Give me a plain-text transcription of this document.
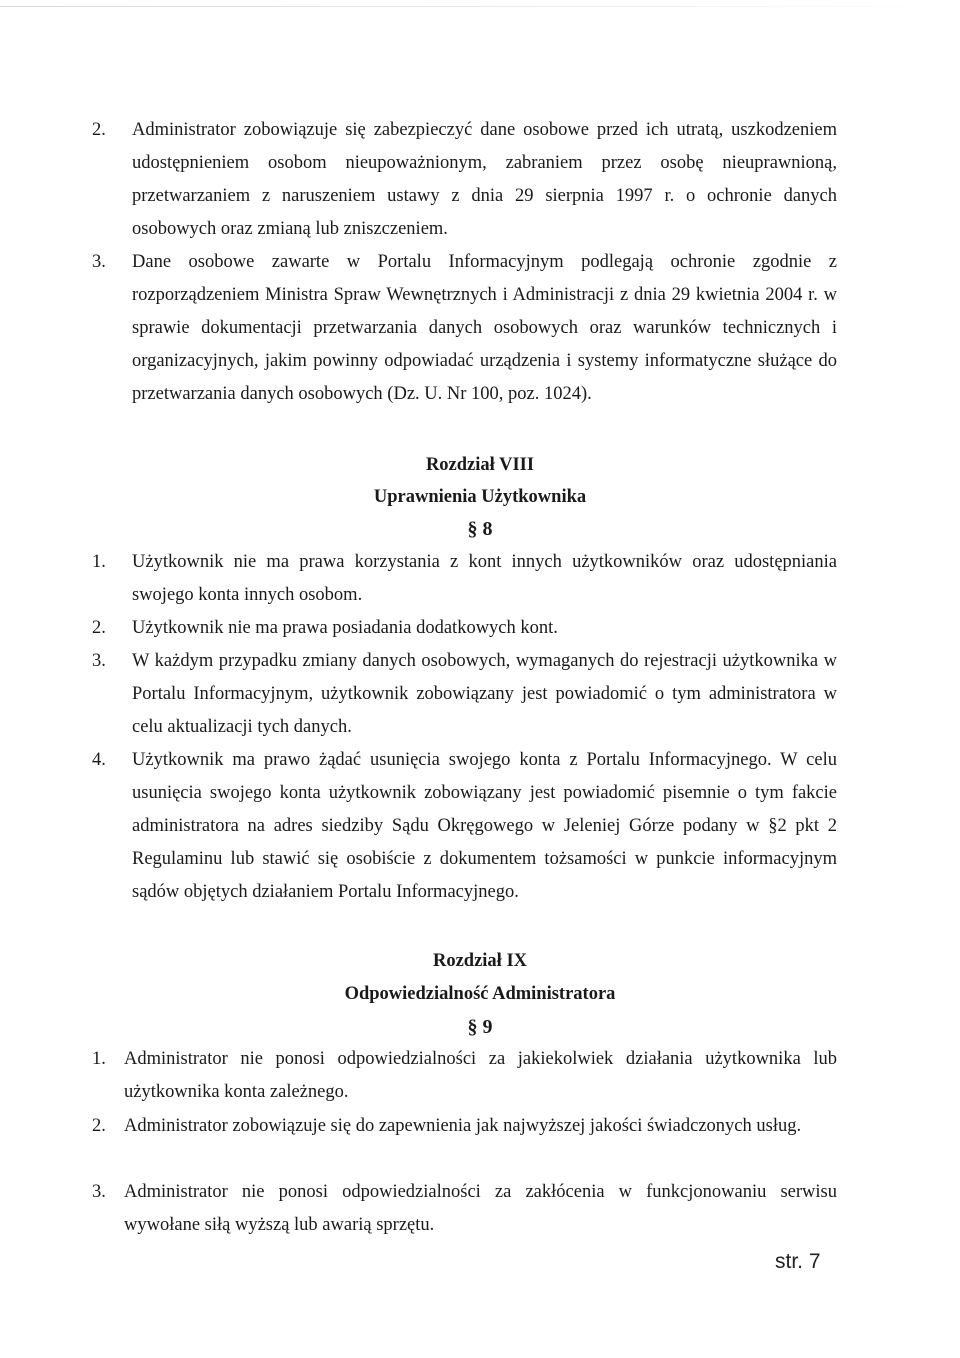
2.	Administrator zobowiązuje się zabezpieczyć dane osobowe przed ich utratą, uszkodzeniem udostępnieniem osobom nieupoważnionym, zabraniem przez osobę nieuprawnioną, przetwarzaniem z naruszeniem ustawy z dnia 29 sierpnia 1997 r. o ochronie danych osobowych oraz zmianą lub zniszczeniem.
3.	Dane osobowe zawarte w Portalu Informacyjnym podlegają ochronie zgodnie z rozporządzeniem Ministra Spraw Wewnętrznych i Administracji z dnia 29 kwietnia 2004 r. w sprawie dokumentacji przetwarzania danych osobowych oraz warunków technicznych i organizacyjnych, jakim powinny odpowiadać urządzenia i systemy informatyczne służące do przetwarzania danych osobowych (Dz. U. Nr 100, poz. 1024).
Rozdział VIII
Uprawnienia Użytkownika
§ 8
1.	Użytkownik nie ma prawa korzystania z kont innych użytkowników oraz udostępniania swojego konta innych osobom.
2.	Użytkownik nie ma prawa posiadania dodatkowych kont.
3.	W każdym przypadku zmiany danych osobowych, wymaganych do rejestracji użytkownika w Portalu Informacyjnym, użytkownik zobowiązany jest powiadomić o tym administratora w celu aktualizacji tych danych.
4.	Użytkownik ma prawo żądać usunięcia swojego konta z Portalu Informacyjnego. W celu usunięcia swojego konta użytkownik zobowiązany jest powiadomić pisemnie o tym fakcie administratora na adres siedziby Sądu Okręgowego w Jeleniej Górze podany w §2 pkt 2 Regulaminu lub stawić się osobiście z dokumentem tożsamości w punkcie informacyjnym sądów objętych działaniem Portalu Informacyjnego.
Rozdział IX
Odpowiedzialność Administratora
§ 9
1. Administrator nie ponosi odpowiedzialności za jakiekolwiek działania użytkownika lub użytkownika konta zależnego.
2. Administrator zobowiązuje się do zapewnienia jak najwyższej jakości świadczonych usług.
3. Administrator nie ponosi odpowiedzialności za zakłócenia w funkcjonowaniu serwisu wywołane siłą wyższą lub awarią sprzętu.
str. 7
